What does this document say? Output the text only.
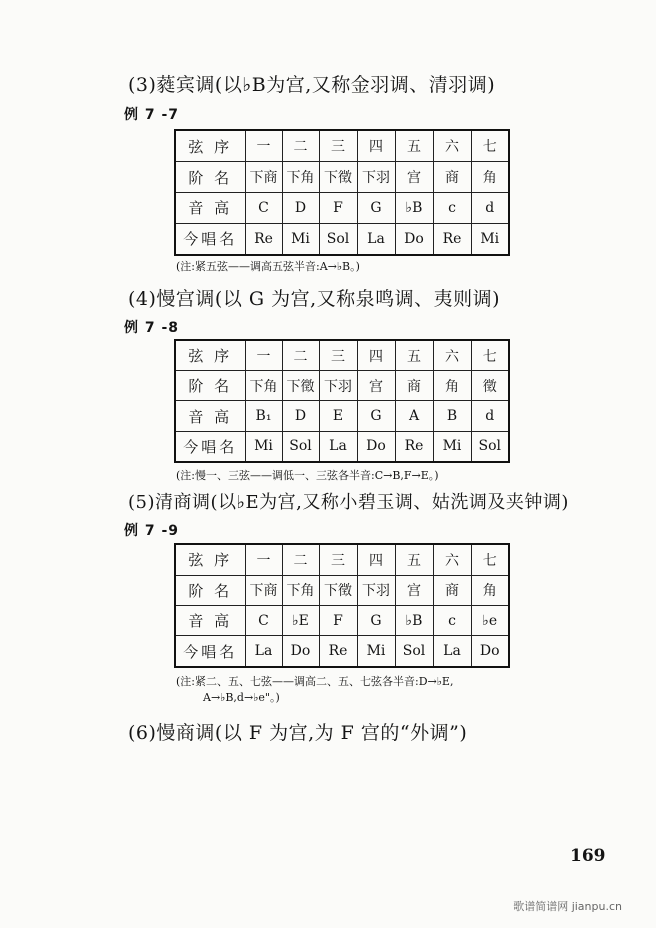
(3)蕤宾调(以♭B为宫,又称金羽调、清羽调)
例 7 -7
弦 序	一	二	三	四	五	六	七
阶 名	下商	下角	下徵	下羽	宫	商	角
音 高	C	D	F	G	♭B	c	d
今唱名	Re	Mi	Sol	La	Do	Re	Mi
(注:紧五弦——调高五弦半音:A→♭B。)
(4)慢宫调(以 G 为宫,又称泉鸣调、夷则调)
例 7 -8
弦 序	一	二	三	四	五	六	七
阶 名	下角	下徵	下羽	宫	商	角	徵
音 高	B₁	D	E	G	A	B	d
今唱名	Mi	Sol	La	Do	Re	Mi	Sol
(注:慢一、三弦——调低一、三弦各半音:C→B,F→E。)
(5)清商调(以♭E为宫,又称小碧玉调、姑洗调及夹钟调)
例 7 -9
弦 序	一	二	三	四	五	六	七
阶 名	下商	下角	下徵	下羽	宫	商	角
音 高	C	♭E	F	G	♭B	c	♭e
今唱名	La	Do	Re	Mi	Sol	La	Do
(注:紧二、五、七弦——调高二、五、七弦各半音:D→♭E,
A→♭B,d→♭e"。)
(6)慢商调(以 F 为宫,为 F 宫的“外调”)
169
歌谱简谱网 jianpu.cn
